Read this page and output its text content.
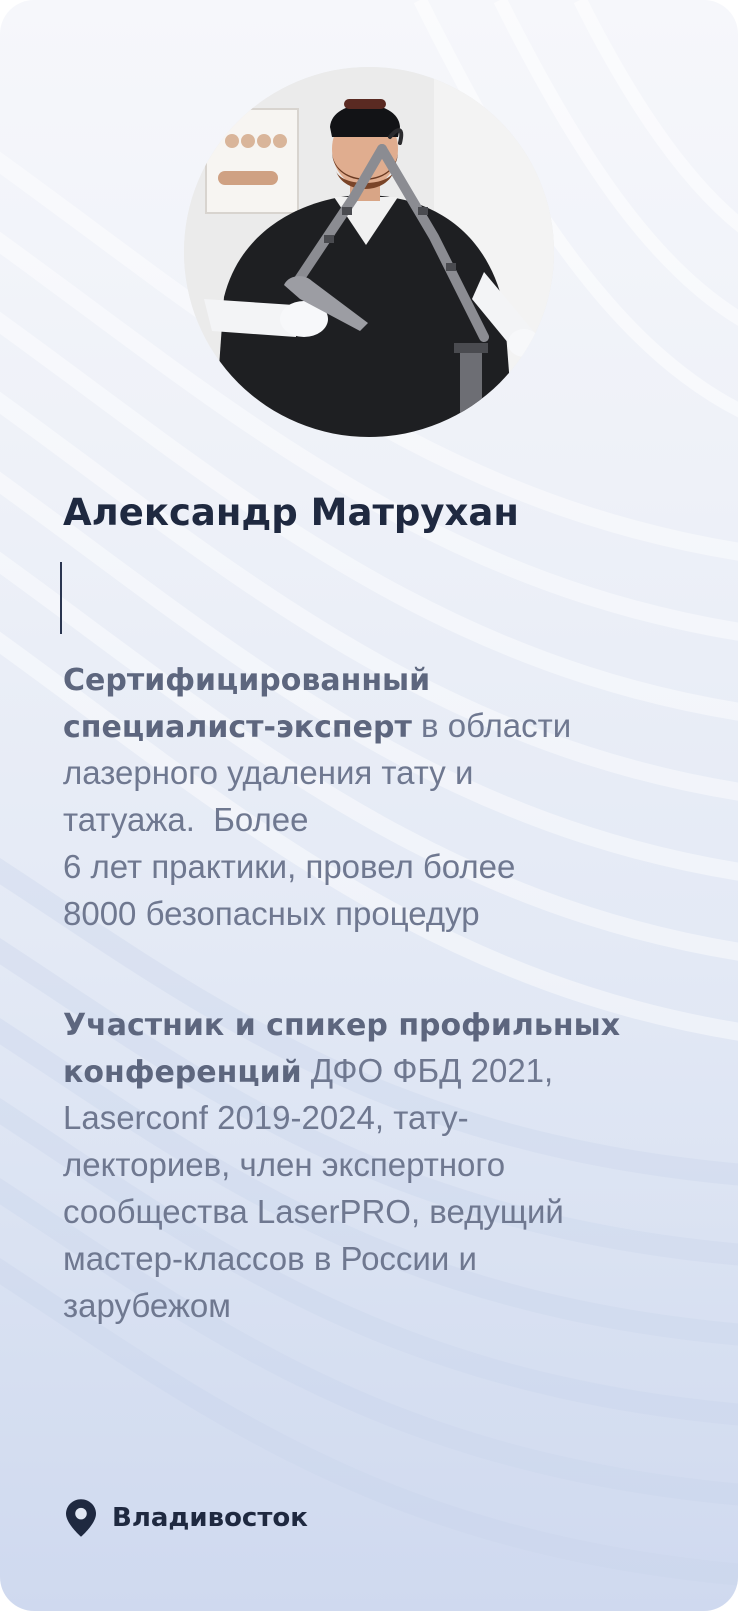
Александр Матрухан

Сертифицированный
специалист-эксперт в области
лазерного удаления тату и
татуажа.  Более
6 лет практики, провел более
8000 безопасных процедур

Участник и спикер профильных
конференций ДФО ФБД 2021,
Laserconf 2019-2024, тату-
лекториев, член экспертного
сообщества LaserPRO, ведущий
мастер-классов в России и
зарубежом

Владивосток
